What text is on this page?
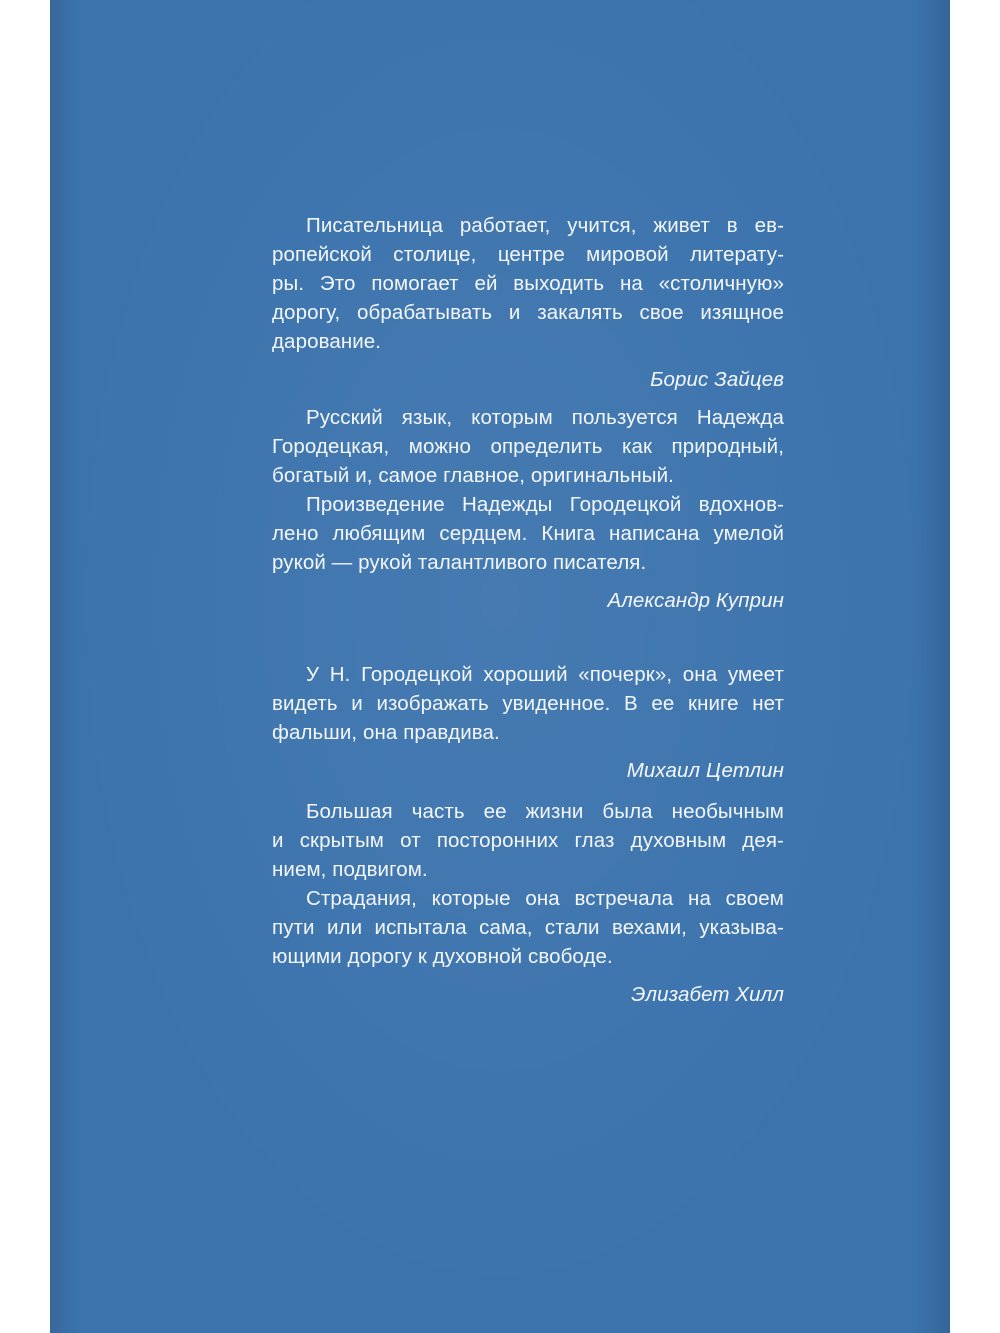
Писательница работает, учится, живет в ев-
ропейской столице, центре мировой литерату-
ры. Это помогает ей выходить на «столичную»
дорогу, обрабатывать и закалять свое изящное
дарование.
Борис Зайцев
Русский язык, которым пользуется Надежда
Городецкая, можно определить как природный,
богатый и, самое главное, оригинальный.
Произведение Надежды Городецкой вдохнов-
лено любящим сердцем. Книга написана умелой
рукой — рукой талантливого писателя.
Александр Куприн
У Н. Городецкой хороший «почерк», она умеет
видеть и изображать увиденное. В ее книге нет
фальши, она правдива.
Михаил Цетлин
Большая часть ее жизни была необычным
и скрытым от посторонних глаз духовным дея-
нием, подвигом.
Страдания, которые она встречала на своем
пути или испытала сама, стали вехами, указыва-
ющими дорогу к духовной свободе.
Элизабет Хилл
